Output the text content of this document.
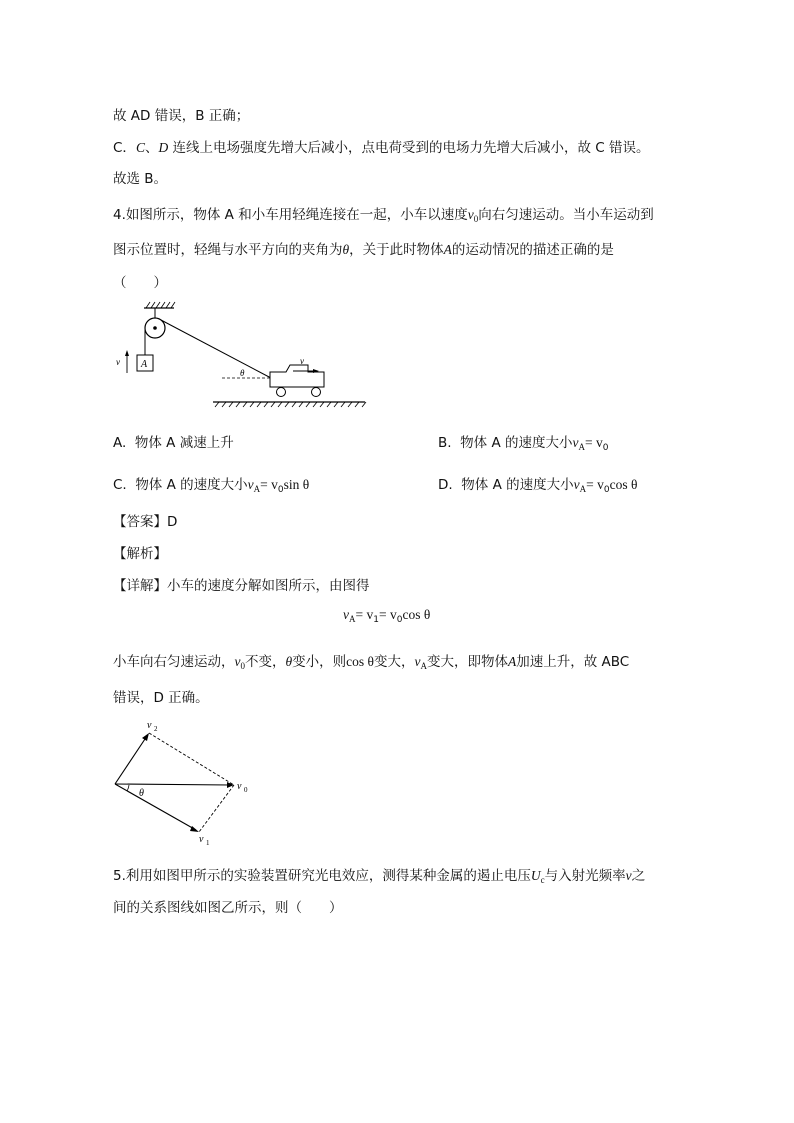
故 AD 错误，B 正确；
C．C、D 连线上电场强度先增大后减小，点电荷受到的电场力先增大后减小，故 C 错误。
故选 B。
4.如图所示，物体 A 和小车用轻绳连接在一起，小车以速度$v_0$向右匀速运动。当小车运动到
图示位置时，轻绳与水平方向的夹角为θ，关于此时物体A的运动情况的描述正确的是
（　　）
A
v
θ
v
A. 物体 A 减速上升	B. 物体 A 的速度大小$v_A= v_0$
C. 物体 A 的速度大小$v_A= v_0\sin$ θ	D. 物体 A 的速度大小$v_A= v_0\cos$ θ
【答案】D
【解析】
【详解】小车的速度分解如图所示，由图得
$v_A= v_1= v_0\cos$ θ
小车向右匀速运动，$v_0$不变，θ变小，则cos θ变大，$v_A$变大，即物体A加速上升，故 ABC
错误，D 正确。
θ
v 2
v 0
v 1
5.利用如图甲所示的实验装置研究光电效应，测得某种金属的遏止电压$U_c$与入射光频率ν之
间的关系图线如图乙所示，则（　　）
